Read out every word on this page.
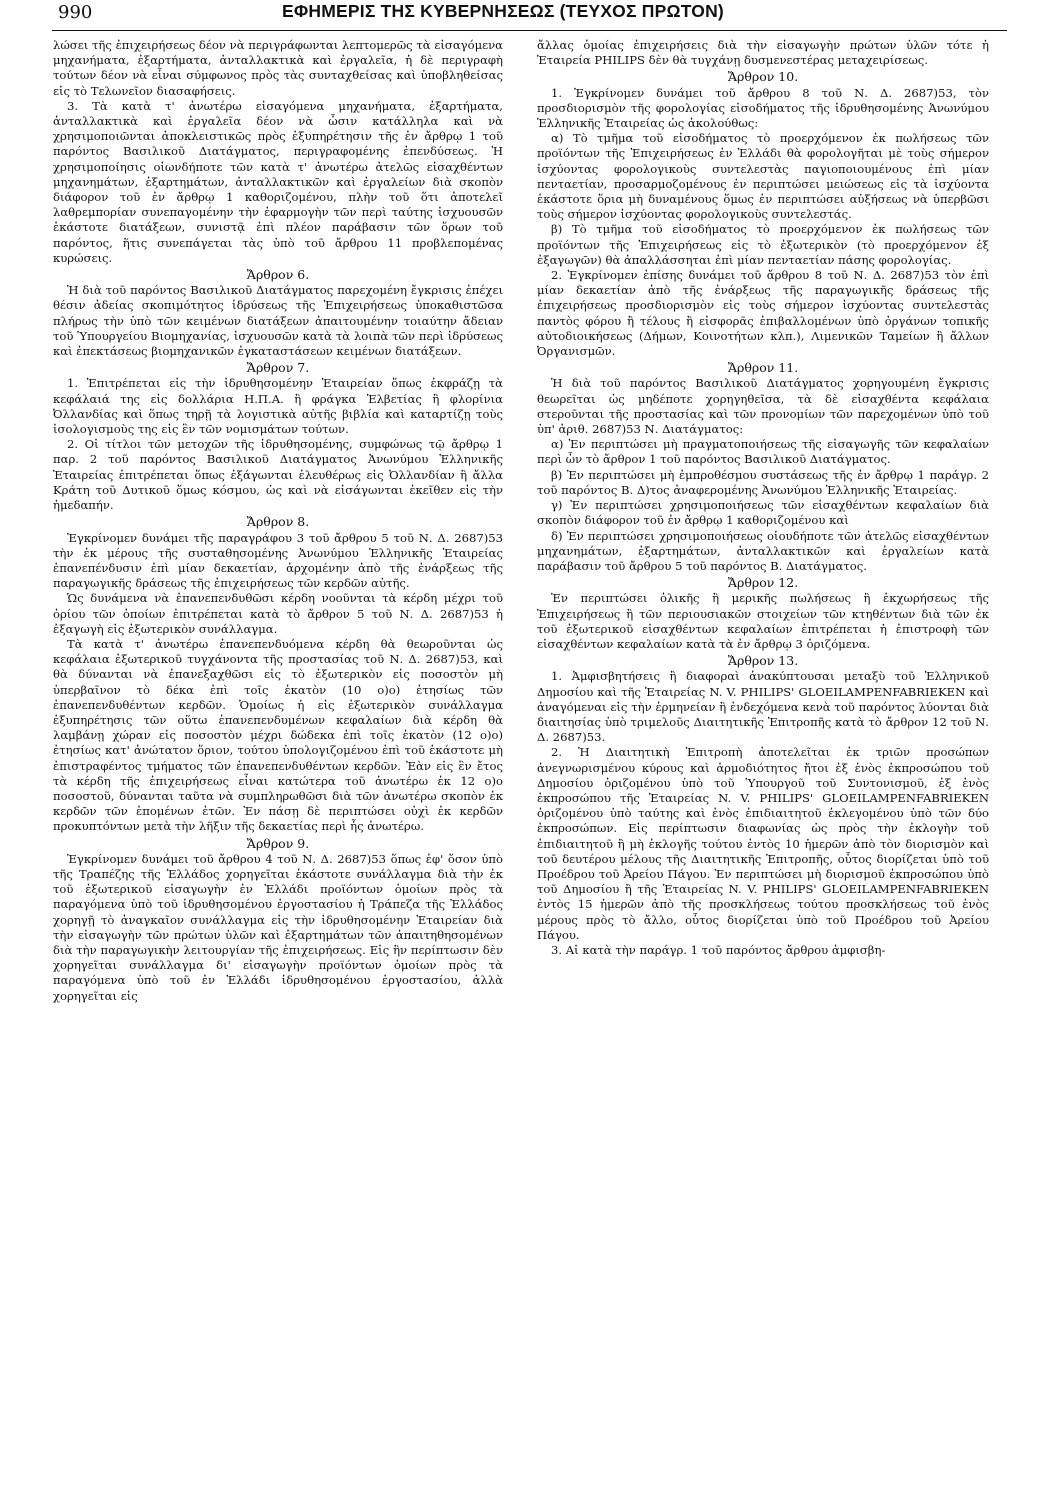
990	ΕΦΗΜΕΡΙΣ ΤΗΣ ΚΥΒΕΡΝΗΣΕΩΣ (ΤΕΥΧΟΣ ΠΡΩΤΟΝ)

λώσει τῆς ἐπιχειρήσεως δέον νὰ περιγράφωνται λεπτομερῶς τὰ εἰσαγόμενα μηχανήματα, ἐξαρτήματα, ἀνταλλακτικὰ καὶ ἐργαλεῖα, ἡ δὲ περιγραφὴ τούτων δέον νὰ εἶναι σύμφωνος πρὸς τὰς συνταχθείσας καὶ ὑποβληθείσας εἰς τὸ Τελωνεῖον διασαφήσεις.

3. Τὰ κατὰ τ' ἀνωτέρω εἰσαγόμενα μηχανήματα, ἐξαρτήματα, ἀνταλλακτικὰ καὶ ἐργαλεῖα δέον νὰ ὦσιν κατάλληλα καὶ νὰ χρησιμοποιῶνται ἀποκλειστικῶς πρὸς ἐξυπηρέτησιν τῆς ἐν ἄρθρῳ 1 τοῦ παρόντος Βασιλικοῦ Διατάγματος, περιγραφομένης ἐπενδύσεως. Ἡ χρησιμοποίησις οἱωνδήποτε τῶν κατὰ τ' ἀνωτέρω ἀτελῶς εἰσαχθέντων μηχανημάτων, ἐξαρτημάτων, ἀνταλλακτικῶν καὶ ἐργαλείων διὰ σκοπὸν διάφορον τοῦ ἐν ἄρθρῳ 1 καθοριζομένου, πλὴν τοῦ ὅτι ἀποτελεῖ λαθρεμπορίαν συνεπαγομένην τὴν ἐφαρμογὴν τῶν περὶ ταύτης ἰσχυουσῶν ἑκάστοτε διατάξεων, συνιστᾷ ἐπὶ πλέον παράβασιν τῶν ὅρων τοῦ παρόντος, ἥτις συνεπάγεται τὰς ὑπὸ τοῦ ἄρθρου 11 προβλεπομένας κυρώσεις.

Ἄρθρον 6.

Ἡ διὰ τοῦ παρόντος Βασιλικοῦ Διατάγματος παρεχομένη ἔγκρισις ἐπέχει θέσιν ἀδείας σκοπιμότητος ἱδρύσεως τῆς Ἐπιχειρήσεως ὑποκαθιστῶσα πλήρως τὴν ὑπὸ τῶν κειμένων διατάξεων ἀπαιτουμένην τοιαύτην ἄδειαν τοῦ Ὑπουργείου Βιομηχανίας, ἰσχυουσῶν κατὰ τὰ λοιπὰ τῶν περὶ ἱδρύσεως καὶ ἐπεκτάσεως βιομηχανικῶν ἐγκαταστάσεων κειμένων διατάξεων.

Ἄρθρον 7.

1. Ἐπιτρέπεται εἰς τὴν ἱδρυθησομένην Ἑταιρείαν ὅπως ἐκφράζῃ τὰ κεφάλαιά της εἰς δολλάρια Η.Π.Α. ἢ φράγκα Ἑλβετίας ἢ φλορίνια Ὀλλανδίας καὶ ὅπως τηρῇ τὰ λογιστικὰ αὐτῆς βιβλία καὶ καταρτίζῃ τοὺς ἰσολογισμοὺς της εἰς ἓν τῶν νομισμάτων τούτων.

2. Οἱ τίτλοι τῶν μετοχῶν τῆς ἱδρυθησομένης, συμφώνως τῷ ἄρθρῳ 1 παρ. 2 τοῦ παρόντος Βασιλικοῦ Διατάγματος Ἀνωνύμου Ἑλληνικῆς Ἑταιρείας ἐπιτρέπεται ὅπως ἐξάγωνται ἐλευθέρως εἰς Ὀλλανδίαν ἢ ἄλλα Κράτη τοῦ Δυτικοῦ ὅμως κόσμου, ὡς καὶ νὰ εἰσάγωνται ἐκεῖθεν εἰς τὴν ἡμεδαπήν.

Ἄρθρον 8.

Ἐγκρίνομεν δυνάμει τῆς παραγράφου 3 τοῦ ἄρθρου 5 τοῦ Ν. Δ. 2687)53 τὴν ἐκ μέρους τῆς συσταθησομένης Ἀνωνύμου Ἑλληνικῆς Ἑταιρείας ἐπανεπένδυσιν ἐπὶ μίαν δεκαετίαν, ἀρχομένην ἀπὸ τῆς ἐνάρξεως τῆς παραγωγικῆς δράσεως τῆς ἐπιχειρήσεως τῶν κερδῶν αὐτῆς.

Ὡς δυνάμενα νὰ ἐπανεπενδυθῶσι κέρδη νοοῦνται τὰ κέρδη μέχρι τοῦ ὁρίου τῶν ὁποίων ἐπιτρέπεται κατὰ τὸ ἄρθρον 5 τοῦ Ν. Δ. 2687)53 ἡ ἐξαγωγὴ εἰς ἐξωτερικὸν συνάλλαγμα.

Τὰ κατὰ τ' ἀνωτέρω ἐπανεπενδυόμενα κέρδη θὰ θεωροῦνται ὡς κεφάλαια ἐξωτερικοῦ τυγχάνοντα τῆς προστασίας τοῦ Ν. Δ. 2687)53, καὶ θὰ δύνανται νὰ ἐπανεξαχθῶσι εἰς τὸ ἐξωτερικὸν εἰς ποσοστὸν μὴ ὑπερβαῖνον τὸ δέκα ἐπὶ τοῖς ἑκατὸν (10 ο)ο) ἐτησίως τῶν ἐπανεπενδυθέντων κερδῶν. Ὁμοίως ἡ εἰς ἐξωτερικὸν συνάλλαγμα ἐξυπηρέτησις τῶν οὕτω ἐπανεπενδυμένων κεφαλαίων διὰ κέρδη θὰ λαμβάνῃ χώραν εἰς ποσοστὸν μέχρι δώδεκα ἐπὶ τοῖς ἑκατὸν (12 ο)ο) ἐτησίως κατ' ἀνώτατον ὅριον, τούτου ὑπολογιζομένου ἐπὶ τοῦ ἑκάστοτε μὴ ἐπιστραφέντος τμήματος τῶν ἐπανεπενδυθέντων κερδῶν. Ἐὰν εἰς ἓν ἔτος τὰ κέρδη τῆς ἐπιχειρήσεως εἶναι κατώτερα τοῦ ἀνωτέρω ἐκ 12 ο)ο ποσοστοῦ, δύνανται ταῦτα νὰ συμπληρωθῶσι διὰ τῶν ἀνωτέρω σκοπὸν ἐκ κερδῶν τῶν ἑπομένων ἐτῶν. Ἐν πάσῃ δὲ περιπτώσει οὐχὶ ἐκ κερδῶν προκυπτόντων μετὰ τὴν λῆξιν τῆς δεκαετίας περὶ ἧς ἀνωτέρω.

Ἄρθρον 9.

Ἐγκρίνομεν δυνάμει τοῦ ἄρθρου 4 τοῦ Ν. Δ. 2687)53 ὅπως ἐφ' ὅσον ὑπὸ τῆς Τραπέζης τῆς Ἑλλάδος χορηγεῖται ἑκάστοτε συνάλλαγμα διὰ τὴν ἐκ τοῦ ἐξωτερικοῦ εἰσαγωγὴν ἐν Ἑλλάδι προϊόντων ὁμοίων πρὸς τὰ παραγόμενα ὑπὸ τοῦ ἱδρυθησομένου ἐργοστασίου ἡ Τράπεζα τῆς Ἑλλάδος χορηγῇ τὸ ἀναγκαῖον συνάλλαγμα εἰς τὴν ἱδρυθησομένην Ἑταιρείαν διὰ τὴν εἰσαγωγὴν τῶν πρώτων ὑλῶν καὶ ἐξαρτημάτων τῶν ἀπαιτηθησομένων διὰ τὴν παραγωγικὴν λειτουργίαν τῆς ἐπιχειρήσεως. Εἰς ἣν περίπτωσιν δὲν χορηγεῖται συνάλλαγμα δι' εἰσαγωγὴν προϊόντων ὁμοίων πρὸς τὰ παραγόμενα ὑπὸ τοῦ ἐν Ἑλλάδι ἱδρυθησομένου ἐργοστασίου, ἀλλὰ χορηγεῖται εἰς

ἄλλας ὁμοίας ἐπιχειρήσεις διὰ τὴν εἰσαγωγὴν πρώτων ὑλῶν τότε ἡ Ἑταιρεία PHILIPS δὲν θὰ τυγχάνῃ δυσμενεστέρας μεταχειρίσεως.

Ἄρθρον 10.

1. Ἐγκρίνομεν δυνάμει τοῦ ἄρθρου 8 τοῦ Ν. Δ. 2687)53, τὸν προσδιορισμὸν τῆς φορολογίας εἰσοδήματος τῆς ἱδρυθησομένης Ἀνωνύμου Ἑλληνικῆς Ἑταιρείας ὡς ἀκολούθως:

α) Τὸ τμῆμα τοῦ εἰσοδήματος τὸ προερχόμενον ἐκ πωλήσεως τῶν προϊόντων τῆς Ἐπιχειρήσεως ἐν Ἑλλάδι θὰ φορολογῆται μὲ τοὺς σήμερον ἰσχύοντας φορολογικοὺς συντελεστὰς παγιοποιουμένους ἐπὶ μίαν πενταετίαν, προσαρμοζομένους ἐν περιπτώσει μειώσεως εἰς τὰ ἰσχύοντα ἑκάστοτε ὅρια μὴ δυναμένους ὅμως ἐν περιπτώσει αὐξήσεως νὰ ὑπερβῶσι τοὺς σήμερον ἰσχύοντας φορολογικοὺς συντελεστάς.

β) Τὸ τμῆμα τοῦ εἰσοδήματος τὸ προερχόμενον ἐκ πωλήσεως τῶν προϊόντων τῆς Ἐπιχειρήσεως εἰς τὸ ἐξωτερικὸν (τὸ προερχόμενον ἐξ ἐξαγωγῶν) θὰ ἀπαλλάσσηται ἐπὶ μίαν πενταετίαν πάσης φορολογίας.

2. Ἐγκρίνομεν ἐπίσης δυνάμει τοῦ ἄρθρου 8 τοῦ Ν. Δ. 2687)53 τὸν ἐπὶ μίαν δεκαετίαν ἀπὸ τῆς ἐνάρξεως τῆς παραγωγικῆς δράσεως τῆς ἐπιχειρήσεως προσδιορισμὸν εἰς τοὺς σήμερον ἰσχύοντας συντελεστὰς παντὸς φόρου ἢ τέλους ἢ εἰσφορᾶς ἐπιβαλλομένων ὑπὸ ὀργάνων τοπικῆς αὐτοδιοικήσεως (Δήμων, Κοινοτήτων κλπ.), Λιμενικῶν Ταμείων ἢ ἄλλων Ὀργανισμῶν.

Ἄρθρον 11.

Ἡ διὰ τοῦ παρόντος Βασιλικοῦ Διατάγματος χορηγουμένη ἔγκρισις θεωρεῖται ὡς μηδέποτε χορηγηθεῖσα, τὰ δὲ εἰσαχθέντα κεφάλαια στεροῦνται τῆς προστασίας καὶ τῶν προνομίων τῶν παρεχομένων ὑπὸ τοῦ ὑπ' ἀριθ. 2687)53 Ν. Διατάγματος:

α) Ἐν περιπτώσει μὴ πραγματοποιήσεως τῆς εἰσαγωγῆς τῶν κεφαλαίων περὶ ὧν τὸ ἄρθρον 1 τοῦ παρόντος Βασιλικοῦ Διατάγματος.

β) Ἐν περιπτώσει μὴ ἐμπροθέσμου συστάσεως τῆς ἐν ἄρθρῳ 1 παράγρ. 2 τοῦ παρόντος Β. Δ)τος ἀναφερομένης Ἀνωνύμου Ἑλληνικῆς Ἑταιρείας.

γ) Ἐν περιπτώσει χρησιμοποιήσεως τῶν εἰσαχθέντων κεφαλαίων διὰ σκοπὸν διάφορον τοῦ ἐν ἄρθρῳ 1 καθοριζομένου καὶ

δ) Ἐν περιπτώσει χρησιμοποιήσεως οἱουδήποτε τῶν ἀτελῶς εἰσαχθέντων μηχανημάτων, ἐξαρτημάτων, ἀνταλλακτικῶν καὶ ἐργαλείων κατὰ παράβασιν τοῦ ἄρθρου 5 τοῦ παρόντος Β. Διατάγματος.

Ἄρθρον 12.

Ἐν περιπτώσει ὁλικῆς ἢ μερικῆς πωλήσεως ἢ ἐκχωρήσεως τῆς Ἐπιχειρήσεως ἢ τῶν περιουσιακῶν στοιχείων τῶν κτηθέντων διὰ τῶν ἐκ τοῦ ἐξωτερικοῦ εἰσαχθέντων κεφαλαίων ἐπιτρέπεται ἡ ἐπιστροφὴ τῶν εἰσαχθέντων κεφαλαίων κατὰ τὰ ἐν ἄρθρῳ 3 ὁριζόμενα.

Ἄρθρον 13.

1. Ἀμφισβητήσεις ἢ διαφοραὶ ἀνακύπτουσαι μεταξὺ τοῦ Ἑλληνικοῦ Δημοσίου καὶ τῆς Ἑταιρείας N. V. PHILIPS' GLOEILAMPENFABRIEKEN καὶ ἀναγόμεναι εἰς τὴν ἑρμηνείαν ἢ ἐνδεχόμενα κενὰ τοῦ παρόντος λύονται διὰ διαιτησίας ὑπὸ τριμελοῦς Διαιτητικῆς Ἐπιτροπῆς κατὰ τὸ ἄρθρον 12 τοῦ Ν. Δ. 2687)53.

2. Ἡ Διαιτητικὴ Ἐπιτροπὴ ἀποτελεῖται ἐκ τριῶν προσώπων ἀνεγνωρισμένου κύρους καὶ ἁρμοδιότητος ἤτοι ἐξ ἑνὸς ἐκπροσώπου τοῦ Δημοσίου ὁριζομένου ὑπὸ τοῦ Ὑπουργοῦ τοῦ Συντονισμοῦ, ἐξ ἑνὸς ἐκπροσώπου τῆς Ἑταιρείας N. V. PHILIPS' GLOEILAMPENFABRIEKEN ὁριζομένου ὑπὸ ταύτης καὶ ἑνὸς ἐπιδιαιτητοῦ ἐκλεγομένου ὑπὸ τῶν δύο ἐκπροσώπων. Εἰς περίπτωσιν διαφωνίας ὡς πρὸς τὴν ἐκλογὴν τοῦ ἐπιδιαιτητοῦ ἢ μὴ ἐκλογῆς τούτου ἐντὸς 10 ἡμερῶν ἀπὸ τὸν διορισμὸν καὶ τοῦ δευτέρου μέλους τῆς Διαιτητικῆς Ἐπιτροπῆς, οὗτος διορίζεται ὑπὸ τοῦ Προέδρου τοῦ Ἀρείου Πάγου. Ἐν περιπτώσει μὴ διορισμοῦ ἐκπροσώπου ὑπὸ τοῦ Δημοσίου ἢ τῆς Ἑταιρείας N. V. PHILIPS' GLOEILAMPENFABRIEKEN ἐντὸς 15 ἡμερῶν ἀπὸ τῆς προσκλήσεως τούτου προσκλήσεως τοῦ ἑνὸς μέρους πρὸς τὸ ἄλλο, οὗτος διορίζεται ὑπὸ τοῦ Προέδρου τοῦ Ἀρείου Πάγου.

3. Αἱ κατὰ τὴν παράγρ. 1 τοῦ παρόντος ἄρθρου ἀμφισβη-
